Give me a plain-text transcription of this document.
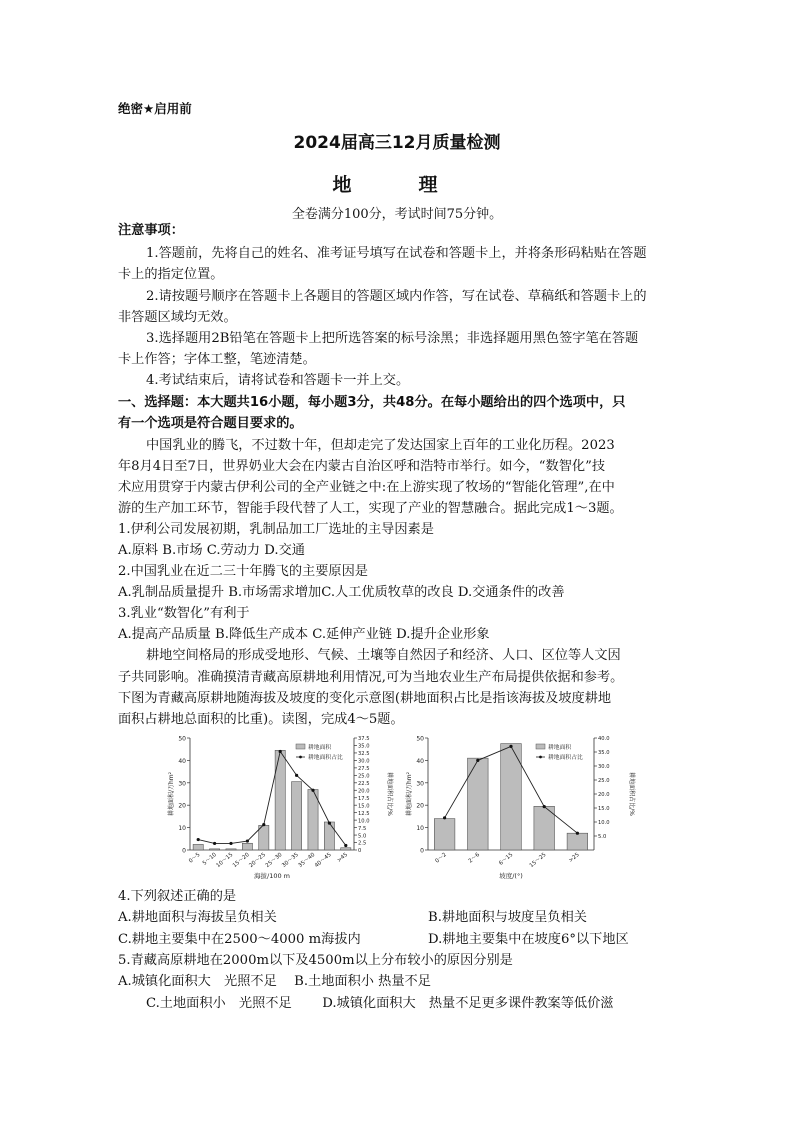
绝密★启用前
2024届高三12月质量检测
地　理
全卷满分100分，考试时间75分钟。
注意事项：
1.答题前，先将自己的姓名、准考证号填写在试卷和答题卡上，并将条形码粘贴在答题
卡上的指定位置。
2.请按题号顺序在答题卡上各题目的答题区域内作答，写在试卷、草稿纸和答题卡上的
非答题区域均无效。
3.选择题用2B铅笔在答题卡上把所选答案的标号涂黑；非选择题用黑色签字笔在答题
卡上作答；字体工整，笔迹清楚。
4.考试结束后，请将试卷和答题卡一并上交。
一、选择题：本大题共16小题，每小题3分，共48分。在每小题给出的四个选项中，只
有一个选项是符合题目要求的。
中国乳业的腾飞，不过数十年，但却走完了发达国家上百年的工业化历程。2023
年8月4日至7日，世界奶业大会在内蒙古自治区呼和浩特市举行。如今，“数智化”技
术应用贯穿于内蒙古伊利公司的全产业链之中:在上游实现了牧场的“智能化管理”,在中
游的生产加工环节，智能手段代替了人工，实现了产业的智慧融合。据此完成1～3题。
1.伊利公司发展初期，乳制品加工厂选址的主导因素是
A.原料 B.市场 C.劳动力 D.交通
2.中国乳业在近二三十年腾飞的主要原因是
A.乳制品质量提升 B.市场需求增加C.人工优质牧草的改良 D.交通条件的改善
3.乳业“数智化”有利于
A.提高产品质量 B.降低生产成本 C.延伸产业链 D.提升企业形象
耕地空间格局的形成受地形、气候、土壤等自然因子和经济、人口、区位等人文因
子共同影响。准确摸清青藏高原耕地利用情况,可为当地农业生产布局提供依据和参考。
下图为青藏高原耕地随海拔及坡度的变化示意图(耕地面积占比是指该海拔及坡度耕地
面积占耕地总面积的比重)。读图，完成4～5题。
0
10
20
30
40
50
0
2.5
5.0
7.5
10.0
12.5
15.0
17.5
20.0
22.5
25.0
27.5
30.0
32.5
35.0
37.5
耕地面积/万hm²	耕地面积占比/%
海拔/100 m
0～5 5～10
10～15
15～20
20～25
25～30
30～35
35～40
40～45 >45
耕地面积
耕地面积占比
0
10
20
30
40
50
5.0
10.0
15.0
20.0
25.0
30.0
35.0
40.0
耕地面积/万hm²	耕地面积占比/%
坡度/(°)
0～2	2～6	6～15	15～25	>25
耕地面积
耕地面积占比
4.下列叙述正确的是
A.耕地面积与海拔呈负相关	B.耕地面积与坡度呈负相关
C.耕地主要集中在2500～4000 m海拔内	D.耕地主要集中在坡度6°以下地区
5.青藏高原耕地在2000m以下及4500m以上分布较小的原因分别是
A.城镇化面积大　光照不足　 B.土地面积小 热量不足
C.土地面积小　光照不足　　 D.城镇化面积大　热量不足更多课件教案等低价滋
